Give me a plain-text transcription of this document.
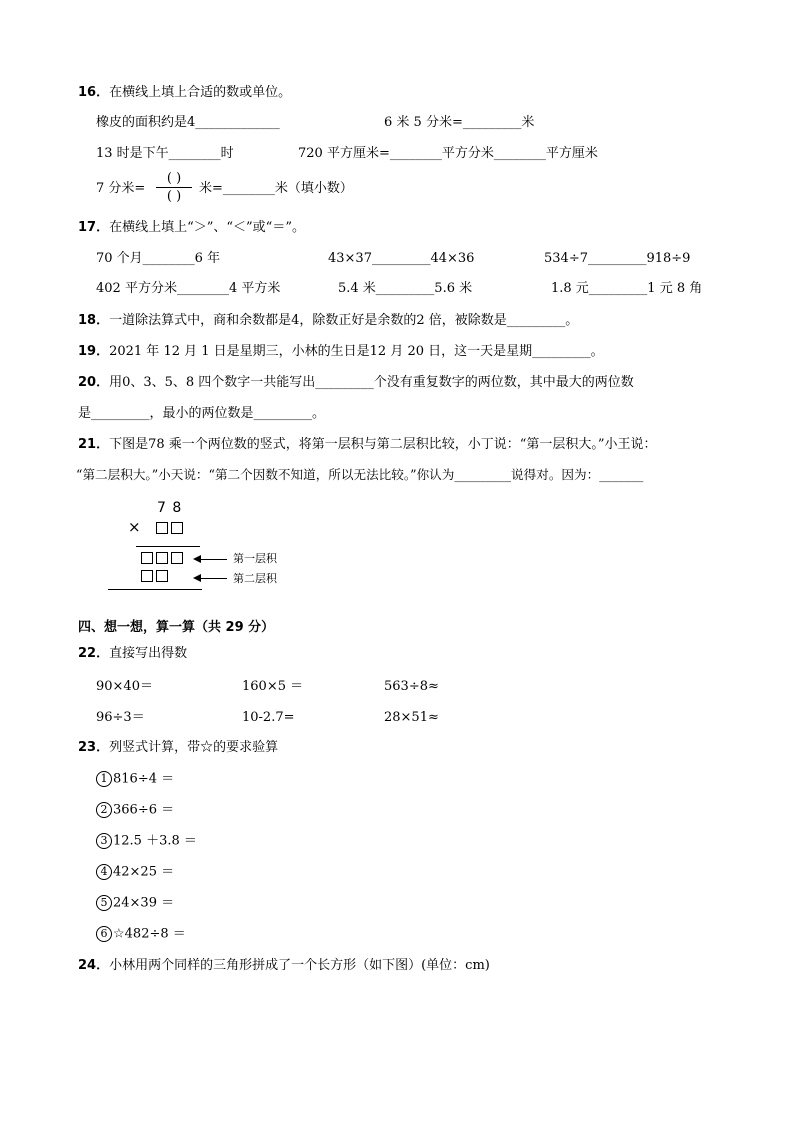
16．在横线上填上合适的数或单位。
橡皮的面积约是4_____________	6 米 5 分米=_________米
13 时是下午________时	720 平方厘米=________平方分米________平方厘米
7 分米=
( )
( )
米=________米（填小数）
17．在横线上填上“＞”、“＜”或“＝”。
70 个月________6 年	43×37_________44×36	534÷7_________918÷9
402 平方分米________4 平方米	5.4 米_________5.6 米	1.8 元_________1 元 8 角
18．一道除法算式中，商和余数都是4，除数正好是余数的2 倍，被除数是_________。
19．2021 年 12 月 1 日是星期三，小林的生日是12 月 20 日，这一天是星期_________。
20．用0、3、5、8 四个数字一共能写出_________个没有重复数字的两位数，其中最大的两位数
是_________，最小的两位数是_________。
21．下图是78 乘一个两位数的竖式，将第一层积与第二层积比较，小丁说：“第一层积大。”小王说：
“第二层积大。”小天说：“第二个因数不知道，所以无法比较。”你认为_________说得对。因为：_______
7 8
×
第一层积
第二层积
四、想一想，算一算（共 29 分）
22．直接写出得数
90×40＝	160×5 ＝	563÷8≈
96÷3＝	10-2.7=	28×51≈
23．列竖式计算，带☆的要求验算
1 816÷4 ＝
2 366÷6 ＝
3 12.5 ＋3.8 ＝
4 42×25 ＝
5 24×39 ＝
6 ☆482÷8 ＝
24．小林用两个同样的三角形拼成了一个长方形（如下图）(单位：cm)
